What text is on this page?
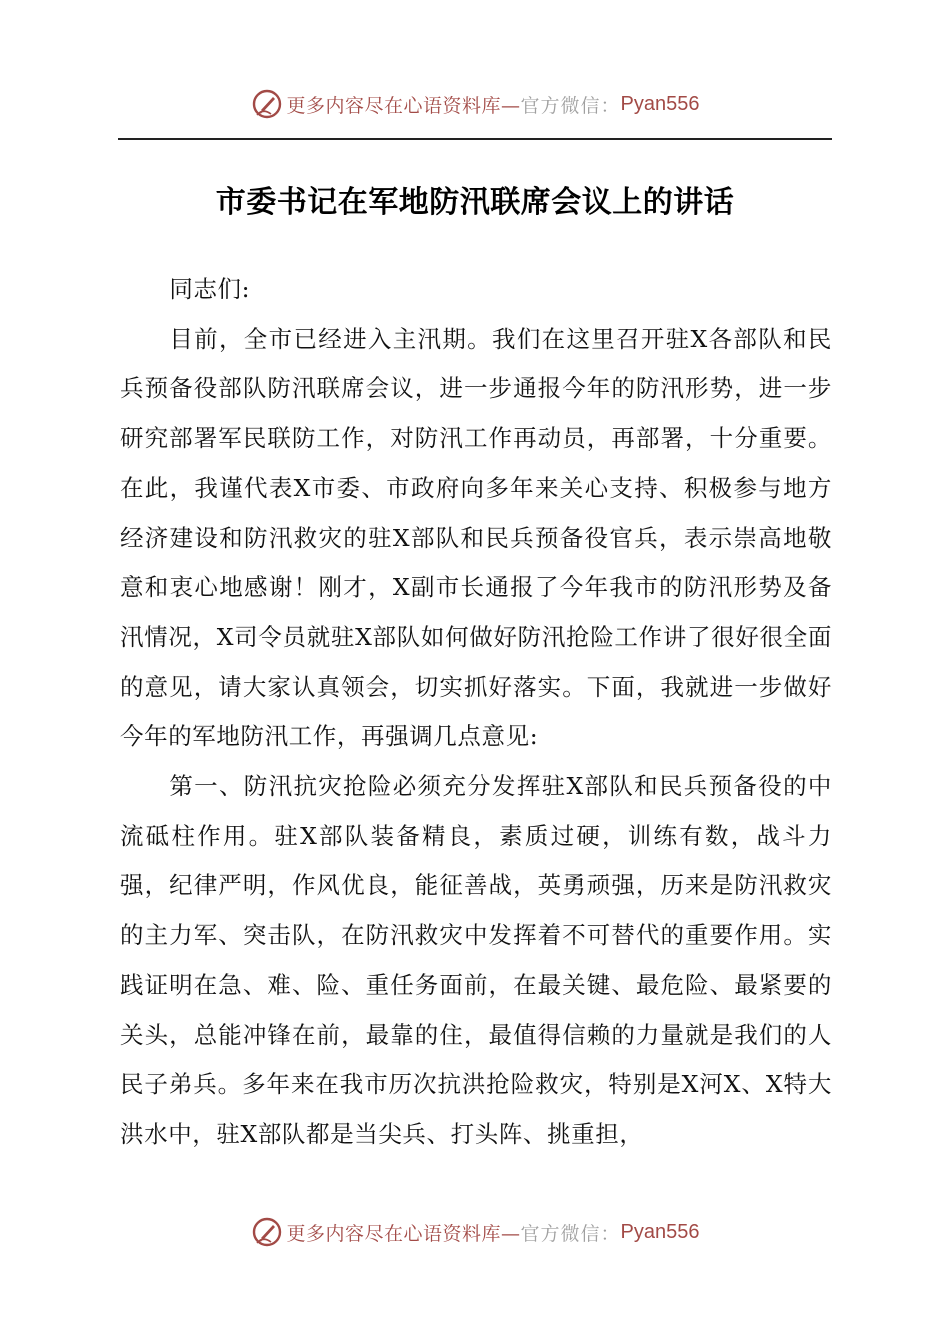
更多内容尽在心语资料库— 官方微信： Pyan556
市委书记在军地防汛联席会议上的讲话

同志们:

目前，全市已经进入主汛期。我们在这里召开驻X各部队和民兵预备役部队防汛联席会议，进一步通报今年的防汛形势，进一步研究部署军民联防工作，对防汛工作再动员，再部署，十分重要。在此，我谨代表X市委、市政府向多年来关心支持、积极参与地方经济建设和防汛救灾的驻X部队和民兵预备役官兵，表示崇高地敬意和衷心地感谢！刚才，X副市长通报了今年我市的防汛形势及备汛情况，X司令员就驻X部队如何做好防汛抢险工作讲了很好很全面的意见，请大家认真领会，切实抓好落实。下面，我就进一步做好今年的军地防汛工作，再强调几点意见:

第一、防汛抗灾抢险必须充分发挥驻X部队和民兵预备役的中流砥柱作用。驻X部队装备精良，素质过硬，训练有数，战斗力强，纪律严明，作风优良，能征善战，英勇顽强，历来是防汛救灾的主力军、突击队，在防汛救灾中发挥着不可替代的重要作用。实践证明在急、难、险、重任务面前，在最关键、最危险、最紧要的关头，总能冲锋在前，最靠的住，最值得信赖的力量就是我们的人民子弟兵。多年来在我市历次抗洪抢险救灾，特别是X河X、X特大洪水中，驻X部队都是当尖兵、打头阵、挑重担，

更多内容尽在心语资料库— 官方微信： Pyan556
